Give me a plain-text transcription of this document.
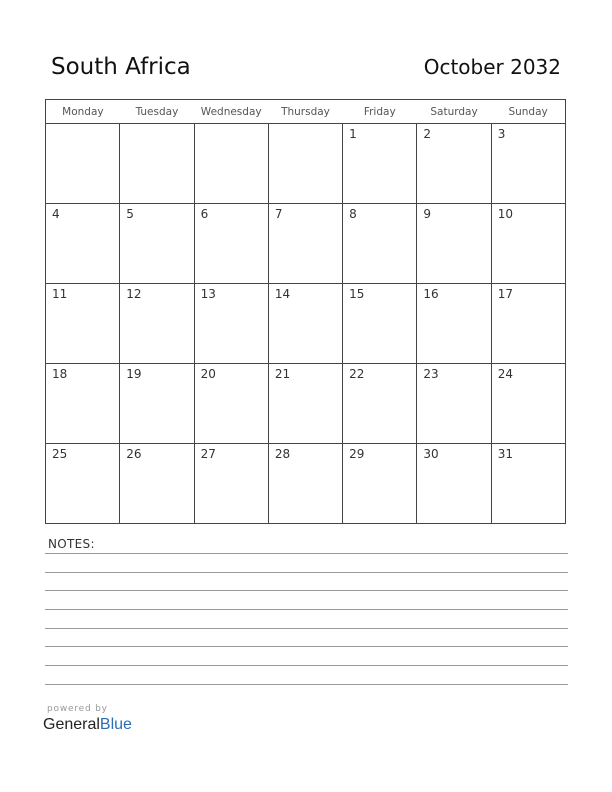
South Africa	October 2032
Monday	Tuesday	Wednesday	Thursday	Friday	Saturday	Sunday
				1	2	3
4	5	6	7	8	9	10
11	12	13	14	15	16	17
18	19	20	21	22	23	24
25	26	27	28	29	30	31
NOTES:
powered by
GeneralBlue
